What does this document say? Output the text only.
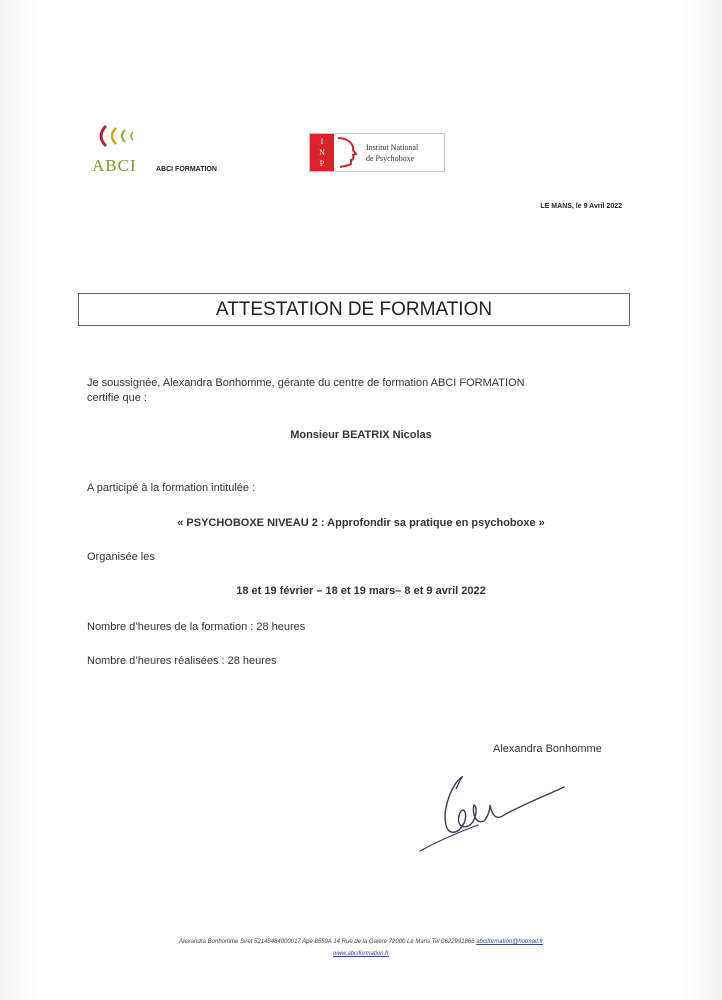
ABCI	ABCI FORMATION
I
N
P
Institut National
de Psychoboxe
LE MANS, le 9 Avril 2022
ATTESTATION DE FORMATION
Je soussignée, Alexandra Bonhomme, gérante du centre de formation ABCI FORMATION
certifie que :
Monsieur BEATRIX Nicolas
A participé à la formation intitulée :
« PSYCHOBOXE NIVEAU 2 : Approfondir sa pratique en psychoboxe »
Organisée les
18 et 19 février – 18 et 19 mars– 8 et 9 avril 2022
Nombre d’heures de la formation : 28 heures
Nombre d’heures réalisées : 28 heures
Alexandra Bonhomme
Alexandra Bonhomme Siret 52148484000017 Ape 8559A 14 Rue de la Galère 72000 Le Mans Tel 0622991866 abciformation@hotmail.fr
www.abciformation.fr
